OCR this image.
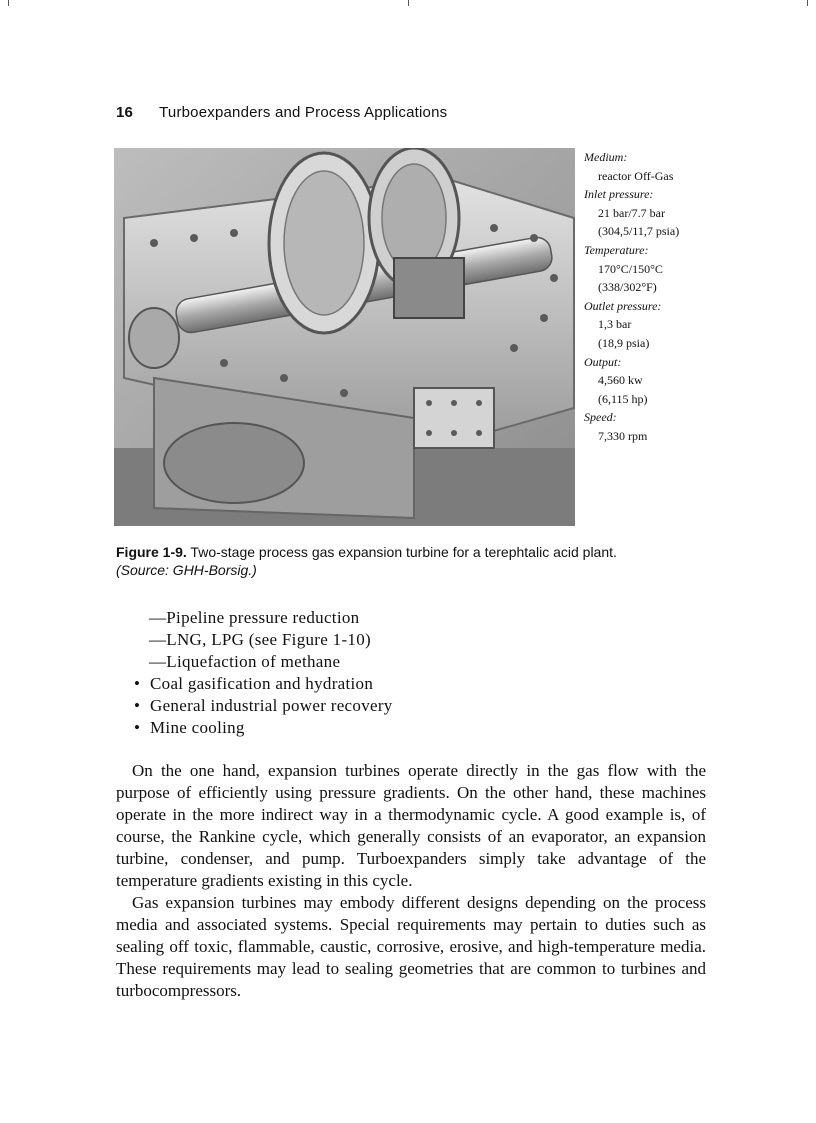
16 Turboexpanders and Process Applications
Medium:
reactor Off-Gas
Inlet pressure:
21 bar/7.7 bar
(304,5/11,7 psia)
Temperature:
170°C/150°C
(338/302°F)
Outlet pressure:
1,3 bar
(18,9 psia)
Output:
4,560 kw
(6,115 hp)
Speed:
7,330 rpm
Figure 1-9. Two-stage process gas expansion turbine for a terephtalic acid plant.
(Source: GHH-Borsig.)
—Pipeline pressure reduction
—LNG, LPG (see Figure 1-10)
—Liquefaction of methane
• Coal gasification and hydration
• General industrial power recovery
• Mine cooling

On the one hand, expansion turbines operate directly in the gas flow with the purpose of efficiently using pressure gradients. On the other hand, these machines operate in the more indirect way in a thermodynamic cycle. A good example is, of course, the Rankine cycle, which generally consists of an evaporator, an expansion turbine, condenser, and pump. Turboexpanders simply take advantage of the temperature gradients existing in this cycle.

Gas expansion turbines may embody different designs depending on the process media and associated systems. Special requirements may pertain to duties such as sealing off toxic, flammable, caustic, corrosive, erosive, and high-temperature media. These requirements may lead to sealing geometries that are common to turbines and turbocompressors.
